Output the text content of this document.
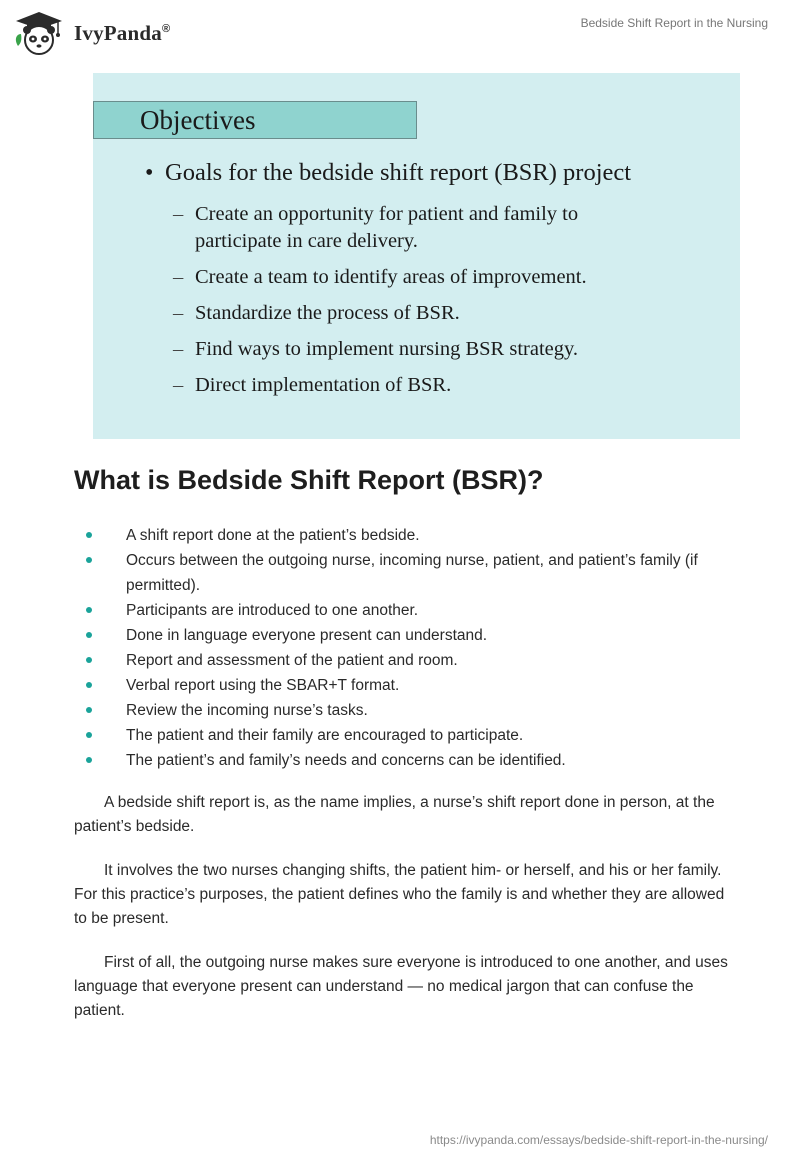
IvyPanda®	Bedside Shift Report in the Nursing
Objectives
• Goals for the bedside shift report (BSR) project
– Create an opportunity for patient and family to participate in care delivery.
– Create a team to identify areas of improvement.
– Standardize the process of BSR.
– Find ways to implement nursing BSR strategy.
– Direct implementation of BSR.
What is Bedside Shift Report (BSR)?
A shift report done at the patient’s bedside.
Occurs between the outgoing nurse, incoming nurse, patient, and patient’s family (if permitted).
Participants are introduced to one another.
Done in language everyone present can understand.
Report and assessment of the patient and room.
Verbal report using the SBAR+T format.
Review the incoming nurse’s tasks.
The patient and their family are encouraged to participate.
The patient’s and family’s needs and concerns can be identified.

A bedside shift report is, as the name implies, a nurse’s shift report done in person, at the patient’s bedside.

It involves the two nurses changing shifts, the patient him- or herself, and his or her family. For this practice’s purposes, the patient defines who the family is and whether they are allowed to be present.

First of all, the outgoing nurse makes sure everyone is introduced to one another, and uses language that everyone present can understand — no medical jargon that can confuse the patient.

https://ivypanda.com/essays/bedside-shift-report-in-the-nursing/
